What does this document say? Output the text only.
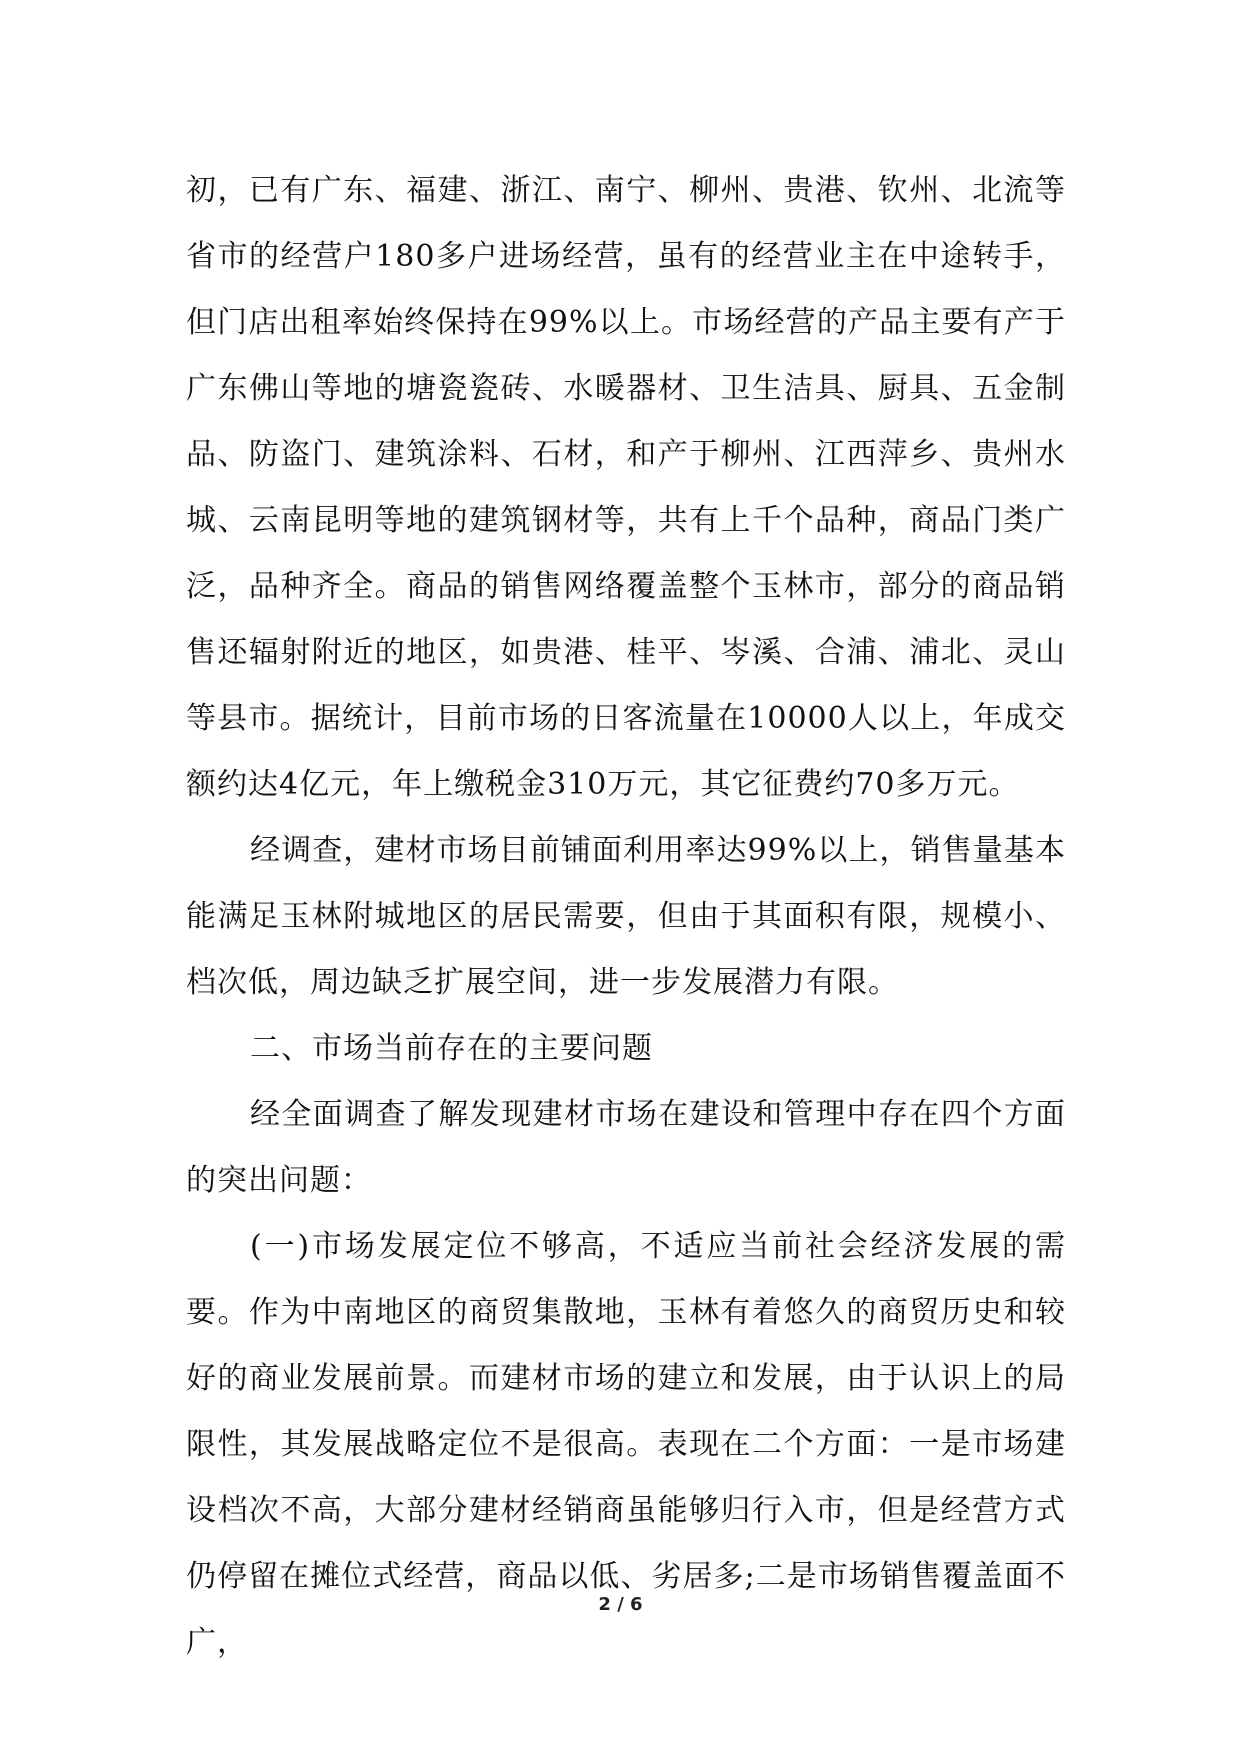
初，已有广东、福建、浙江、南宁、柳州、贵港、钦州、北流等省市的经营户180多户进场经营，虽有的经营业主在中途转手，但门店出租率始终保持在99%以上。市场经营的产品主要有产于广东佛山等地的塘瓷瓷砖、水暖器材、卫生洁具、厨具、五金制品、防盗门、建筑涂料、石材，和产于柳州、江西萍乡、贵州水城、云南昆明等地的建筑钢材等，共有上千个品种，商品门类广泛，品种齐全。商品的销售网络覆盖整个玉林市，部分的商品销售还辐射附近的地区，如贵港、桂平、岑溪、合浦、浦北、灵山等县市。据统计，目前市场的日客流量在10000人以上，年成交额约达4亿元，年上缴税金310万元，其它征费约70多万元。

经调查，建材市场目前铺面利用率达99%以上，销售量基本能满足玉林附城地区的居民需要，但由于其面积有限，规模小、档次低，周边缺乏扩展空间，进一步发展潜力有限。

二、市场当前存在的主要问题

经全面调查了解发现建材市场在建设和管理中存在四个方面的突出问题：

(一)市场发展定位不够高，不适应当前社会经济发展的需要。作为中南地区的商贸集散地，玉林有着悠久的商贸历史和较好的商业发展前景。而建材市场的建立和发展，由于认识上的局限性，其发展战略定位不是很高。表现在二个方面：一是市场建设档次不高，大部分建材经销商虽能够归行入市，但是经营方式仍停留在摊位式经营，商品以低、劣居多;二是市场销售覆盖面不广，

2 / 6
